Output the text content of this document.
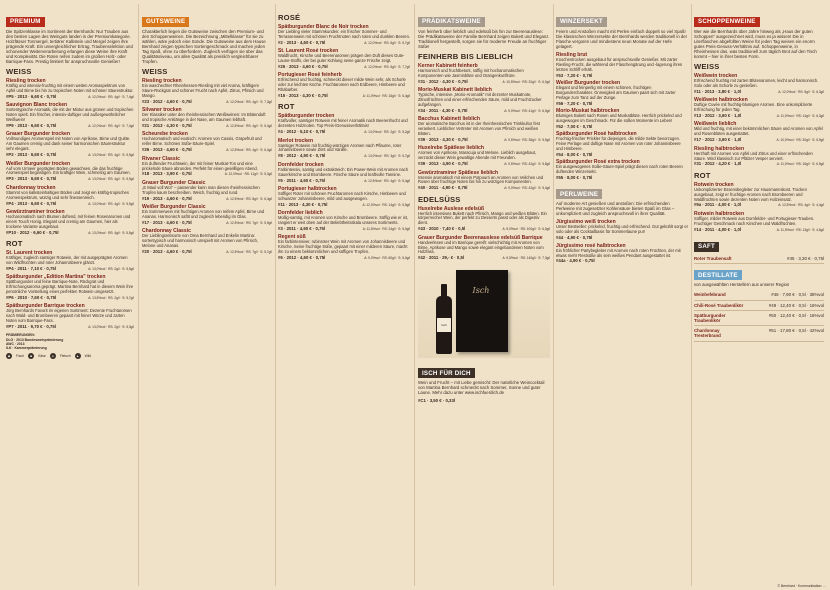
PREMIUM

Die Spitzenklasse im Sortiment der Bernhards: Nur Trauben aus den besten Lagen des Weinguts landen in der Premiumkategorie. Holzfässer Tonmergel, tertiärer Kalkstein und Mergel zeigen ihre prägende Kraft. Ein unvergleichlicher Ertrag, Traubenselektion und schonender Weiterverarbeitung erlangen diese Weine ihre Kraft und Komplexität. Die Roten reifen zudem im großen Holz- oder Barrique-Fass. Prestig limitiert für anspruchsvolle Genießer!

WEISS
Riesling trocken
Kräftig und intensiv-fruchtig mit einem weiten Aromaspektrum von Apfel und Birne bis hin zu tropischen Noten mit schöner Säurestruktur.
#P5 · 2013 · 6,60 € · 0,75l	A: 12,0%vol · RS: 4g/l · S: 7,4g/l
Sauvignon Blanc trocken
Sortentypische Aromatik, die mit der Mixtur aus grünen und tropischen Noten spielt. Ein frischer, intensiv-duftiger und außergewöhnlicher Weißwein!
#P9 · 2013 · 6,60 € · 0,75l	A: 12,0%vol · RS: 4g/l · S: 7,4g/l
Grauer Burgunder trocken
Vollmundiges Aromenspiel mit Noten von Aprikose, Birne und Quitte. Am Gaumen cremig und dank seiner harmonischen Säurestruktur sehr elegant.
#P2 · 2013 · 6,60 € · 0,75l	A: 13,0%vol · RS: 4g/l · S: 5,9g/l
Weißer Burgunder trocken
Auf vom Urmeer geprägten Böden gewachsen, die das fruchtige Aromenspiel beginstigen. Ein kraftiger Wein, schmelzig am Gaumen.
#P3 · 2013 · 6,60 € · 0,75l	A: 13,0%vol · RS: 4g/l · S: 5,9g/l
Chardonnay trocken
Stammt von kalksteinhaltigen Böden und zeigt ein kräftig-tropisches Aromenspektrum, würzig und sehr finessenreich.
#P4 · 2013 · 6,60 € · 0,75l	A: 13,0%vol · RS: 4g/l · S: 5,9g/l
Gewürztraminer trocken
Hocharomatisch nach Blumen duftend, mit feinen Rosenaromen und einem Touch Honig. Elegant und cremig am Gaumen, hier als trockene Variante ausgebaut.
#P10 · 2012 · 6,60 € · 0,75l	A: 13,0%vol · RS: 4g/l · S: 5,5g/l
ROT
St. Laurent trocken
Kräftiger, zugleich samtiger Rotwein, der mit ausgeprägten Aromen von Wildfrüchten und roter Johannisbeere glänzt.
#P4 · 2011 · 7,10 € · 0,75l	A: 13,0%vol · RS: 2g/l · S: 5,5g/l
Spätburgunder „Edition Martina" trocken
Spätburgunder und feine Barrique-Note, Rückgrat und Erfrischungsaroma geprägt. Martina Bernhard hat in diesem Wein ihre persönliche Vorstellung eines perfekten Rotwein umgesetzt.
#P6 · 2010 · 7,60 € · 0,75l	A: 13,5%vol · RS: 2g/l · S: 5,7g/l
Spätburgunder Barrique trocken
Jörg Bernhards Favorit im eigenen Sortiment: Dezente Fruchtaromen nach Wald- und Brombeeren gepaart mit feiner Würze und zarten Noten vom Barrique-Fass.
#P7 · 2011 · 9,70 € · 0,75l	A: 13,0%vol · RS: 2g/l · S: 5,3g/l
PRÄMIERUNGEN:
DLG · 2013 Bundesweinprämierung
AWC · 2013
ILK · Kammerprämierung
◆	Fisch	■	Käse	●	Fleisch	▲	Wild
GUTSWEINE

Charakterlich liegen die Gutsweine zwischen den Premium- und den Schoppenweinen. Die Bezeichnung „Mittelklasse" für sie zu wählen, wäre jedoch eine Sünde. Die Gutsweine aus dem Hause Bernhard zeigen typischen Sortengeschmack und machen jeden Tag Spaß, ohne zu überfordern. Zugleich verfügen sie über das Qualitätsniveau, um allen Qualität als preislich vergleichbarer Tropfen.

WEISS
Riesling trocken
Ein waschechter Rheinhessen-Riesling mit viel Aroma, kräftigem Säure-Rückgrat und schöner Frucht nach Apfel, Zitrus, Pfirsich und Mango.
#23 · 2012 · 4,60 € · 0,75l	A: 12,0%vol · RS: 4g/l · S: 7,3g/l
Silvaner trocken
Der Klassiker unter den rheinhessischen Weißweinen: Im Blütenduft und tropische Anklänge in der Nase, am Gaumen lebhaft.
#21 · 2013 · 4,30 € · 0,75l	A: 12,5%vol · RS: 4g/l · S: 5,4g/l
Scheurebe trocken
Hocharomatisch und exotisch: Aromen von Cassis, Grapefruit und reifer Birne. Schönes Süße-Säure-Spiel.
#26 · 2013 · 4,60 € · 0,75l	A: 12,5%vol · RS: 4g/l · S: 6,4g/l
Rivaner Classic
Ein duftender Fruchtwein, der mit feiner Muskat-Ton und eine prickelnde Säure abrunden. Perfekt für einen gesellligen Abend.
#18 · 2013 · 3,90 € · 0,75l	A: 12,0%vol · RS: 11g/l · S: 5,3g/l
Grauer Burgunder Classic
„E Maul voll Woi" – passender kann man diesen rheinhessischen Tropfen kaum beschreiben. Weich, fruchtig und rund.
#19 · 2013 · 4,60 € · 0,75l	A: 12,5%vol · RS: 8g/l · S: 6,4g/l
Weißer Burgunder Classic
Ein Sommerwein mit fruchtigen Aromen von reifem Apfel, Birne und Ananas. Harmonisch saftit und zugleich lebendig im Glas.
#17 · 2013 · 4,60 € · 0,75l	A: 12,5%vol · RS: 7g/l · S: 5,9g/l
Chardonnay Classic
Der Lieblingsrebsorte von Oma Bernhard und Enkelin Martina: sortentypisch und harmonisch umspielt mit Aromen von Pfirsich, Melone und Ananas.
#20 · 2013 · 4,60 € · 0,75l	A: 12,5%vol · RS: 7g/l · S: 5,7g/l
ROSÉ
Spätburgunder Blanc de Noir trocken
Der Liebling vieler Stammkunden: ein frischer Sommer- und Terrassenwein mit schönen Fruchtnoten nach roten und dunklen Beeren.
#2 · 2013 · 4,60 € · 0,75l	A: 12,0%vol · RS: 6g/l · S: 5,7g/l
St. Laurent Rosé trocken
Waldfrucht, Kirsche und Beerenaromen prägen den Duft dieses Gute-Laune-Stoffs, der bei guter Kühlung seine ganze Frische zeigt.
#25 · 2013 · 4,60 € · 0,75l	A: 12,0%vol · RS: 5g/l · S: 7,7g/l
Portugieser Rosé feinherb
Erfrischend und fruchtig, schmeckt dieser milde Wein sehr, als Schorle oder zur leichten Küche. Fruchtaromen nach Erdbeere, Himbeere und Rhabarber.
#15 · 2013 · 4,30 € · 0,75l	A: 11,0%vol · RS: 16g/l · S: 6,4g/l
ROT
Spätburgunder trocken
Kraftvoller, samtiger Rotwein mit feiner Aromatik nach Beerenfrucht und dezenten Holznoten. Top Preis-/Genussverhältnis!
#4 · 2012 · 5,10 € · 0,75l	A: 13,0%vol · RS: 2g/l · S: 5,2g/l
Merlot trocken
Samtiger Rotwein mit fruchtig-würzigen Aromen nach Pflaume, roter Johannisbeere sowie Zimt und Vanille.
#8 · 2012 · 4,90 € · 0,75l	A: 13,0%vol · RS: 3g/l · S: 5,7g/l
Dornfelder trocken
Farbintensiv, samtig und extraktreich: Ein Power-Wein mit Aromen nach Sauerkirsche und Brombeere. Frische Säure und kraftvolle Tannine.
#5 · 2011 · 4,60 € · 0,75l	A: 12,5%vol · RS: 4g/l · S: 5,4g/l
Portugieser halbtrocken
Süffiger Roter mit schönen Fruchtaromen nach Kirsche, Himbeere und schwarzer Johannisbeere, mild und ausgewogen.
#11 · 2013 · 4,30 € · 0,75l	A: 12,0%vol · RS: 14g/l · S: 5,5g/l
Dornfelder lieblich
Mollig-samtig, mit Aromen von Kirsche und Brombeere. Süffig wie er ist, rangiert er weit oben auf der Beliebtheitsskala unseres Sortiments.
#3 · 2011 · 4,60 € · 0,75l	A: 11,5%vol · RS: 34g/l · S: 5,0g/l
Regent süß
Ein farbintensiver, rubinroter Wein mit Aromen von Johannisbeere und Kirsche. Seine fruchtige Süße, gepaart mit einer milderen Säure, macht ihn zu einem beklommlichen und süffigen Tropfen.
#6 · 2012 · 4,60 € · 0,75l	A: 9,0%vol · RS: 60g/l · S: 5,0g/l
PRÄDIKATSWEINE

Von feinherb über lieblich und edelsüß bis hin zur Beerenauslese: Die Prädikatsweine der Familie Bernhard zeigen Bukett und Eleganz. Traditionell hergestellt, sorgen sie für moderne Freude an fruchtiger Süße!

FEINHERB BIS LIEBLICH
Kerner Kabinett feinherb
Harmonisch und fruchtbetont, süffig mit hocharomatischen Komponenten wie Jasminblüte und Orangenkonfitüre.
#31 · 2012 · 4,30 € · 0,75l	A: 10,5%vol · RS: 20g/l · S: 6,0g/l
Morio-Muskat Kabinett lieblich
Typische, intensive „Morio-Aromatik" mit dezenter Muskatnote, Zitrusfrüchten und einer erfrischenden Säure, mild und Fruchtzucker aufgefangen.
#34 · 2011 · 4,30 € · 0,75l	A: 9,0%vol · RS: 41g/l · S: 6,0g/l
Bacchus Kabinett lieblich
Der aromatische Bacchus ist in der rheinhessischen Trinkkultur fest verankert. Lieblicher Vertreter mit Aromen von Pfirsich und weißen Blüten.
#39 · 2013 · 4,30 € · 0,75l	A: 9,5%vol · RS: 38g/l · S: 5,9g/l
Huxelrebe Spätlese lieblich
Aromen von Aprikose, Maracuja und Melone. Lieblich ausgebaut, verzückt dieser Wein gewaltige Abende mit Freunden.
#39 · 2013 · 4,90 € · 0,75l	A: 9,5%vol · RS: 42g/l · S: 5,8g/l
Gewürztraminer Spätlese lieblich
Intensiv aromatisch mit einem Potpourri an Aromen von Veilchen und Rosen über fruchtige Noten bis hin zu würzigen Komponenten.
#40 · 2011 · 4,90 € · 0,75l	A: 9,0%vol · RS: 42g/l · S: 5,4g/l
EDELSÜSS
Huxelrebe Auslese edelsüß
Herrlich intensives Bukett nach Pfirsich, Mango und weißen Blüten. Ein körperreicher Wein, der perfekt zu Desserts passt oder als Digestiv dient.
#43 · 2010 · 7,40 € · 0,5l	A: 9,0%vol · RS: 100g/l · S: 6,0g/l
Grauer Burgunder Beerenauslese edelsüß Barrique
Handverlesen und im Barrique gereift: vielschichtig mit Aromen von Birne, Aprikose und Mango sowie elegant eingebundenen Noten vom Holzfass.
#42 · 2011 · 29,- € · 0,5l	A: 9,5%vol · RS: 140g/l · S: 7,3g/l
Isch
Isch
ISCH FÜR DICH

Wein und Frucht – mit Liebe gemischt: Der natürliche Weincocktail von Martina Bernhard schmeckt nach Sommer, Sonne und guter Laune. Mehr dazu unter www.ischfuerdich.de

#C1 · 3,50 € · 0,33l
WINZERSEKT

Feiern und Anstoßen macht mit Perlen einfach doppelt so viel Spaß! Die klassischen Winzersekte der Bernhards werden traditionell in der Flasche vergoren und mindestens neun Monate auf der Hefe gelagert.

Riesling brut
Knochentrocken ausgebaut für anspruchsvolle Genießer. Mit zarter Riesling-Frucht, die während der Flaschengärung und -lagerung ihren letzten Schliff erhält.
#53 · 7,20 € · 0,75l
Weißer Burgunder trocken
Elegant und feinperlig mit einem schönen, fruchtigen Burgundercharakter. Gnmeigkeit am Gaumen paart sich mit zarter Perlage zum Tanz auf der Zunge.
#56 · 7,20 € · 0,75l
Morio-Muskat halbtrocken
Blumiges Bukett nach Rosen und Muskatblüte. Herrlich prickelnd und ausgewogen im Geschmack. Für die süßen Momente im Leben!
#52 · 7,00 € · 0,75l
Spätburgunder Rosé halbtrocken
Fruchtig-frischer Prickler für diejenigen, die milde Sekte bevorzugen. Feine Perlage und duftige Nase mit Aromen von roter Johannisbeere und Himbeere.
#54 · 8,00 € · 0,75l
Spätburgunder Rosé extra trocken
Ein ausgewogenes Süße-Säure-Spiel prägt diesen nach roten Beeren duftenden Winzersekt.
#55 · 8,00 € · 0,75l
PERLWEINE

Auf moderne Art genießen und anstoßen: Die erfrischenden Perlweine mit zugesetzter Kohlensäure bieten Spaß im Glas – unkompliziert und zugleich anspruchsvoll in ihrer Qualität.

Jürgissimo weiß trocken
Unser Bestseller: prickelnd, fruchtig und erfrischend. Gut gekühlt sorgt er solo oder als Cocktailbasis für Sommerlaune pur!
#44 · 4,90 € · 0,75l
Jürgissimo rosé halbtrocken
Ein fröhlicher Partybegleiter mit Aromen nach roten Früchten, der mit etwas mehr Restsüße als sein weißes Pendant ausgestattet ist.
#44a · 4,90 € · 0,75l
SCHOPPENWEINE

Wer wie die Bernhards über Jahre hinweg als „Haus der guten Schoppen" ausgezeichnet wird, muss es ja wissen! Die in Literflaschen abgefüllten Weine für jeden Tag weisen ein enorm gutes Preis-Genuss-Verhältnis auf. Schoppenweine, in Rheinhessen das, was traditionell zum täglich Brot auf den Tisch kommt – hier in ihrer besten Form.

WEISS
Weißwein trocken
Erfrischend fruchtig mit zarten Blütenaromen, leicht und harmonisch. Solo oder als Schorle zu genießen.
#11 · 2013 · 3,80 € · 1,0l	A: 12,0%vol · RS: 5g/l · S: 6,3g/l
Weißwein halbtrocken
Duftige Cuvée mit fruchtig-blumigen Aromen. Eine unkomplizierte Erfrischung für jeden Tag.
#13 · 2012 · 3,60 € · 1,0l	A: 11,0%vol · RS: 14g/l · S: 6,3g/l
Weißwein lieblich
Mild und fruchtig, mit einer bekömmlichen Säure und Aromen von Apfel und Rosenblüten ausgestattet.
#17 · 2012 · 3,60 € · 1,0l	A: 10,0%vol · RS: 30g/l · S: 5,9g/l
Riesling halbtrocken
Herzhaft mit Aromen von Apfel und Zitrus und einer erfrischenden Säure. Wird klassisch zur Pfälzer Vesper serviert.
#31 · 2012 · 4,20 € · 1,0l	A: 11,0%vol · RS: 16g/l · S: 6,9g/l
ROT
Rotwein trocken
Unkomplizierter Essensbegleiter zur Hausmannskost. Trocken ausgebaut, zeigt er fruchtige Aromen nach Brombeeren und Waldfrüchten sowie dezenten Noten vom Holzeinsatz.
#9a · 2011 · 4,00 € · 1,0l	A: 12,5%vol · RS: 4g/l · S: 4,4g/l
Rotwein halbtrocken
Süffiger, milder Rotwein aus Dornfelder- und Portugieser-Trauben. Fruchtiger Geschmack nach Kirschen und Waldfrüchten.
#14 · 2011 · 4,00 € · 1,0l	A: 11,5%vol · RS: 13g/l · S: 4,6g/l
SAFT
Roter Traubensaft	#45 · 3,30 € · 0,75l
DESTILLATE

von ausgewählten Herstellern aus unserer Region

Weinhefebrand	#46 · 7,90 € · 0,5l · 38%vol
Chili-Rosé Traubenlikör	#49 · 12,40 € · 0,5l · 16%vol
Spätburgunder Traubenlikör
#50 · 12,40 € · 0,5l · 16%vol
Chardonnay Tresterbrand
#51 · 17,80 € · 0,5l · 42%vol
© Bernhard · Kommunikation: ...
